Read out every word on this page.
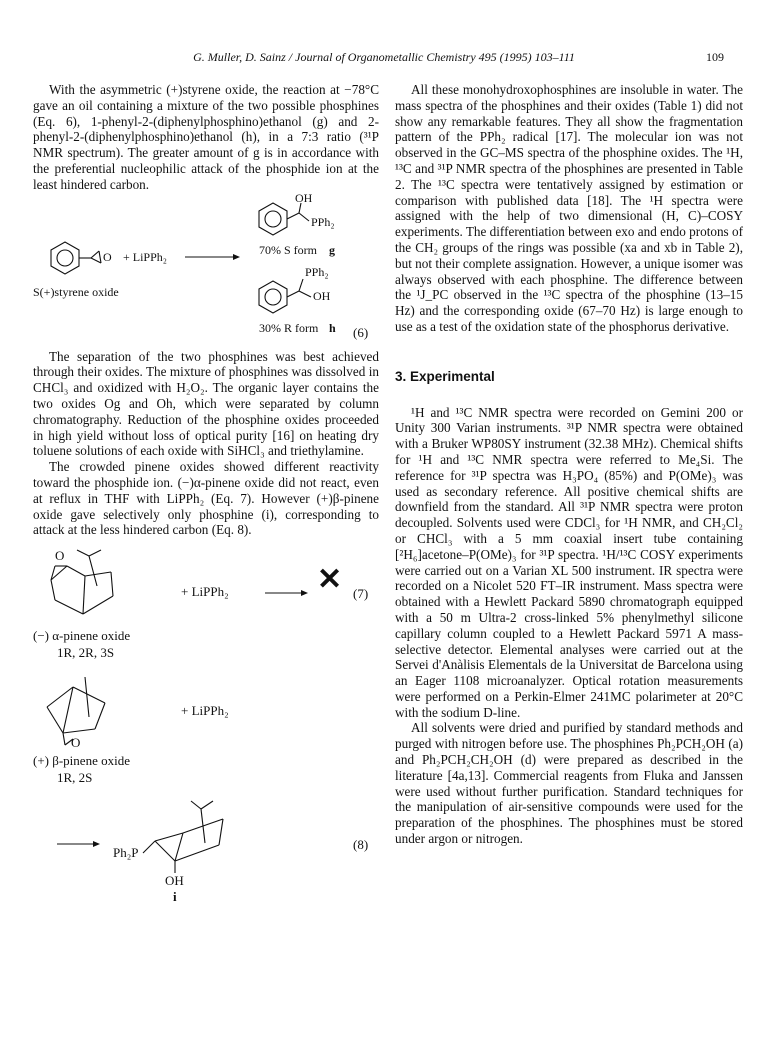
G. Muller, D. Sainz / Journal of Organometallic Chemistry 495 (1995) 103–111	109

With the asymmetric (+)styrene oxide, the reaction at −78°C gave an oil containing a mixture of the two possible phosphines (Eq. 6), 1-phenyl-2-(diphenylphosphino)ethanol (g) and 2-phenyl-2-(diphenylphosphino)ethanol (h), in a 7:3 ratio (³¹P NMR spectrum). The greater amount of g is in accordance with the preferential nucleophilic attack of the phosphide ion at the least hindered carbon.

OH
PPh₂
O + LiPPh₂	70% S form g
PPh₂
OH
S(+)styrene oxide
30% R form h (6)

The separation of the two phosphines was best achieved through their oxides. The mixture of phosphines was dissolved in CHCl₃ and oxidized with H₂O₂. The organic layer contains the two oxides Og and Oh, which were separated by column chromatography. Reduction of the phosphine oxides proceeded in high yield without loss of optical purity [16] on heating dry toluene solutions of each oxide with SiHCl₃ and triethylamine.

The crowded pinene oxides showed different reactivity toward the phosphide ion. (−)α-pinene oxide did not react, even at reflux in THF with LiPPh₂ (Eq. 7). However (+)β-pinene oxide gave selectively only phosphine (i), corresponding to attack at the less hindered carbon (Eq. 8).

O
+ LiPPh₂	✕ (7)
(−) α-pinene oxide
1R, 2R, 3S
+ LiPPh₂
O
(+) β-pinene oxide
1R, 2S
Ph₂P
OH
(8)
i

All these monohydroxophosphines are insoluble in water. The mass spectra of the phosphines and their oxides (Table 1) did not show any remarkable features. They all show the fragmentation pattern of the PPh₂ radical [17]. The molecular ion was not observed in the GC–MS spectra of the phosphine oxides. The ¹H, ¹³C and ³¹P NMR spectra of the phosphines are presented in Table 2. The ¹³C spectra were tentatively assigned by estimation or comparison with published data [18]. The ¹H spectra were assigned with the help of two dimensional (H, C)–COSY experiments. The differentiation between exo and endo protons of the CH₂ groups of the rings was possible (xa and xb in Table 2), but not their complete assignation. However, a unique isomer was always observed with each phosphine. The difference between the ¹J_PC observed in the ¹³C spectra of the phosphine (13–15 Hz) and the corresponding oxide (67–70 Hz) is large enough to use as a test of the oxidation state of the phosphorus derivative.

3. Experimental

¹H and ¹³C NMR spectra were recorded on Gemini 200 or Unity 300 Varian instruments. ³¹P NMR spectra were obtained with a Bruker WP80SY instrument (32.38 MHz). Chemical shifts for ¹H and ¹³C NMR spectra were referred to Me₄Si. The reference for ³¹P spectra was H₃PO₄ (85%) and P(OMe)₃ was used as secondary reference. All positive chemical shifts are downfield from the standard. All ³¹P NMR spectra were proton decoupled. Solvents used were CDCl₃ for ¹H NMR, and CH₂Cl₂ or CHCl₃ with a 5 mm coaxial insert tube containing [²H₆]acetone–P(OMe)₃ for ³¹P spectra. ¹H/¹³C COSY experiments were carried out on a Varian XL 500 instrument. IR spectra were recorded on a Nicolet 520 FT–IR instrument. Mass spectra were obtained with a Hewlett Packard 5890 chromatograph equipped with a 50 m Ultra-2 cross-linked 5% phenylmethyl silicone capillary column coupled to a Hewlett Packard 5971 A mass-selective detector. Elemental analyses were carried out at the Servei d'Anàlisis Elementals de la Universitat de Barcelona using an Eager 1108 microanalyzer. Optical rotation measurements were performed on a Perkin-Elmer 241MC polarimeter at 20°C with the sodium D-line.

All solvents were dried and purified by standard methods and purged with nitrogen before use. The phosphines Ph₂PCH₂OH (a) and Ph₂PCH₂CH₂OH (d) were prepared as described in the literature [4a,13]. Commercial reagents from Fluka and Janssen were used without further purification. Standard techniques for the manipulation of air-sensitive compounds were used for the preparation of the phosphines. The phosphines must be stored under argon or nitrogen.
